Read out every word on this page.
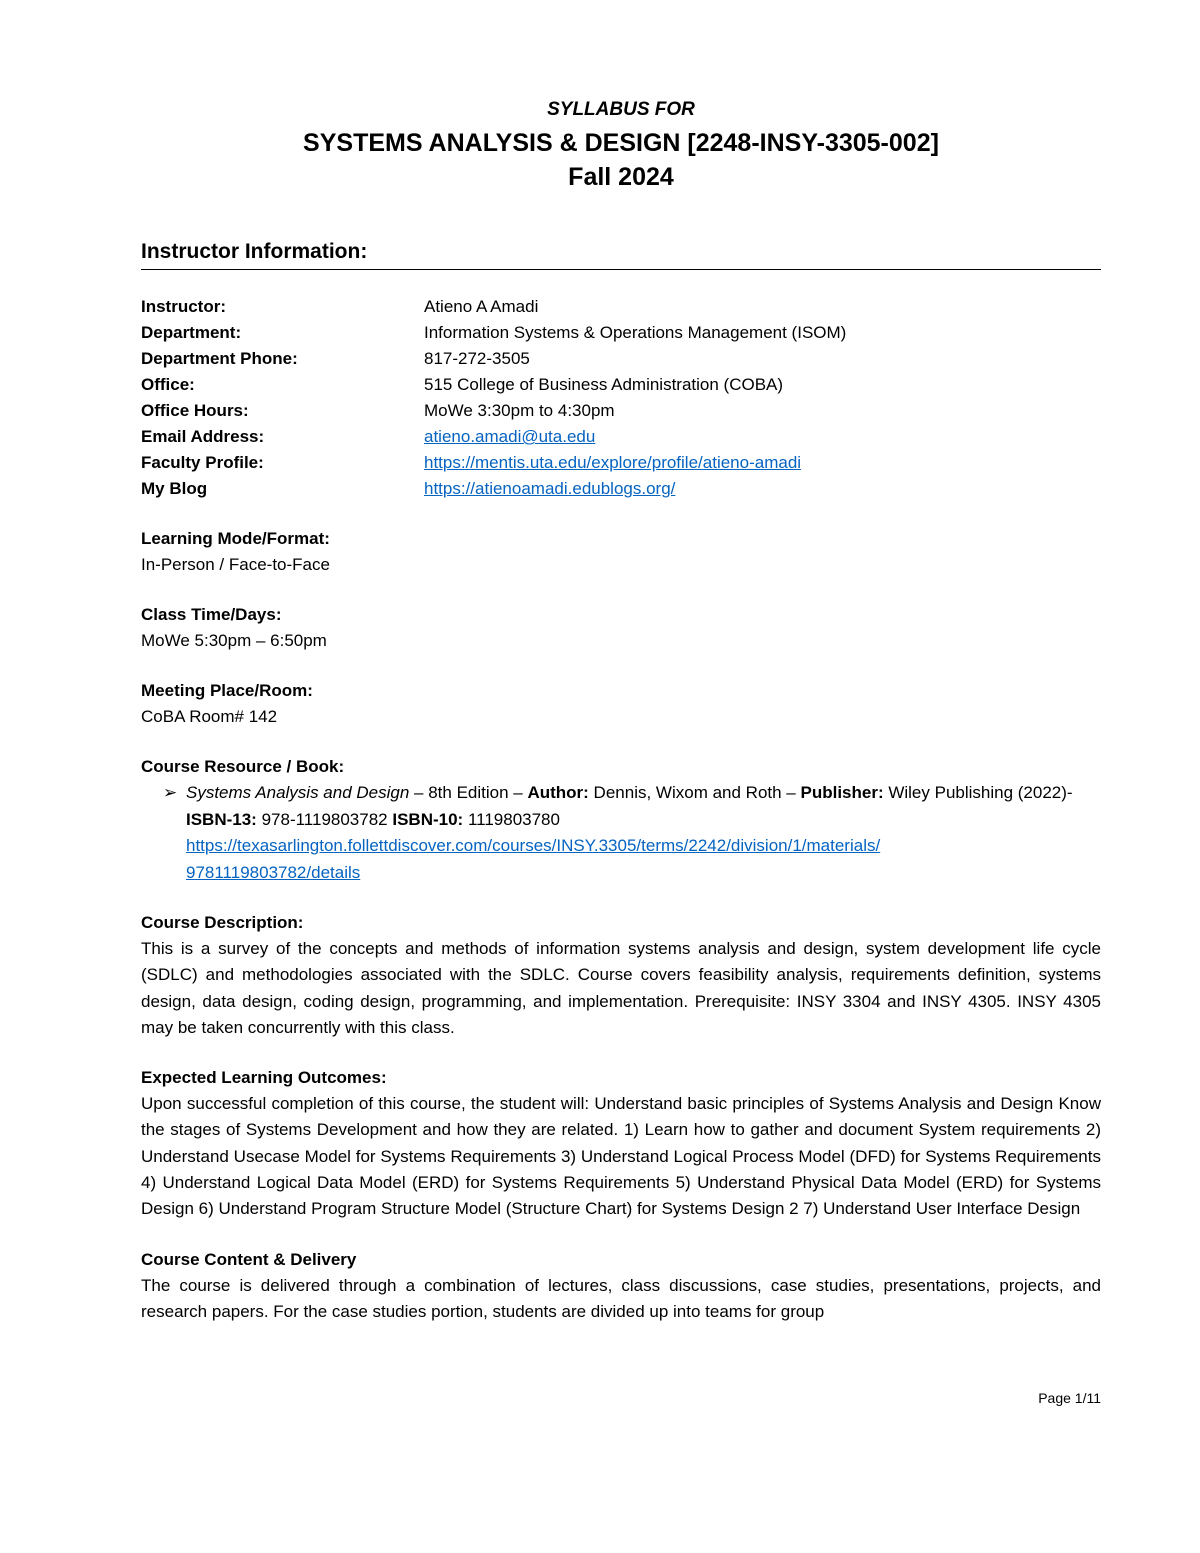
SYLLABUS FOR

SYSTEMS ANALYSIS & DESIGN [2248-INSY-3305-002]

Fall 2024

Instructor Information:
Instructor:	Atieno A Amadi
Department:	Information Systems & Operations Management (ISOM)
Department Phone:	817-272-3505
Office:	515 College of Business Administration (COBA)
Office Hours:	MoWe 3:30pm to 4:30pm
Email Address:	atieno.amadi@uta.edu
Faculty Profile:	https://mentis.uta.edu/explore/profile/atieno-amadi
My Blog	https://atienoamadi.edublogs.org/
Learning Mode/Format:
In-Person / Face-to-Face
Class Time/Days:
MoWe 5:30pm – 6:50pm
Meeting Place/Room:
CoBA Room# 142
Course Resource / Book:
➢ Systems Analysis and Design – 8th Edition – Author: Dennis, Wixom and Roth – Publisher: Wiley Publishing (2022)- ISBN-13: 978-1119803782 ISBN-10: 1119803780
https://texasarlington.follettdiscover.com/courses/INSY.3305/terms/2242/division/1/materials/
9781119803782/details
Course Description:
This is a survey of the concepts and methods of information systems analysis and design, system development life cycle (SDLC) and methodologies associated with the SDLC. Course covers feasibility analysis, requirements definition, systems design, data design, coding design, programming, and implementation. Prerequisite: INSY 3304 and INSY 4305. INSY 4305 may be taken concurrently with this class.
Expected Learning Outcomes:
Upon successful completion of this course, the student will: Understand basic principles of Systems Analysis and Design Know the stages of Systems Development and how they are related. 1) Learn how to gather and document System requirements 2) Understand Usecase Model for Systems Requirements 3) Understand Logical Process Model (DFD) for Systems Requirements 4) Understand Logical Data Model (ERD) for Systems Requirements 5) Understand Physical Data Model (ERD) for Systems Design 6) Understand Program Structure Model (Structure Chart) for Systems Design 2 7) Understand User Interface Design
Course Content & Delivery
The course is delivered through a combination of lectures, class discussions, case studies, presentations, projects, and research papers. For the case studies portion, students are divided up into teams for group
Page 1/11
